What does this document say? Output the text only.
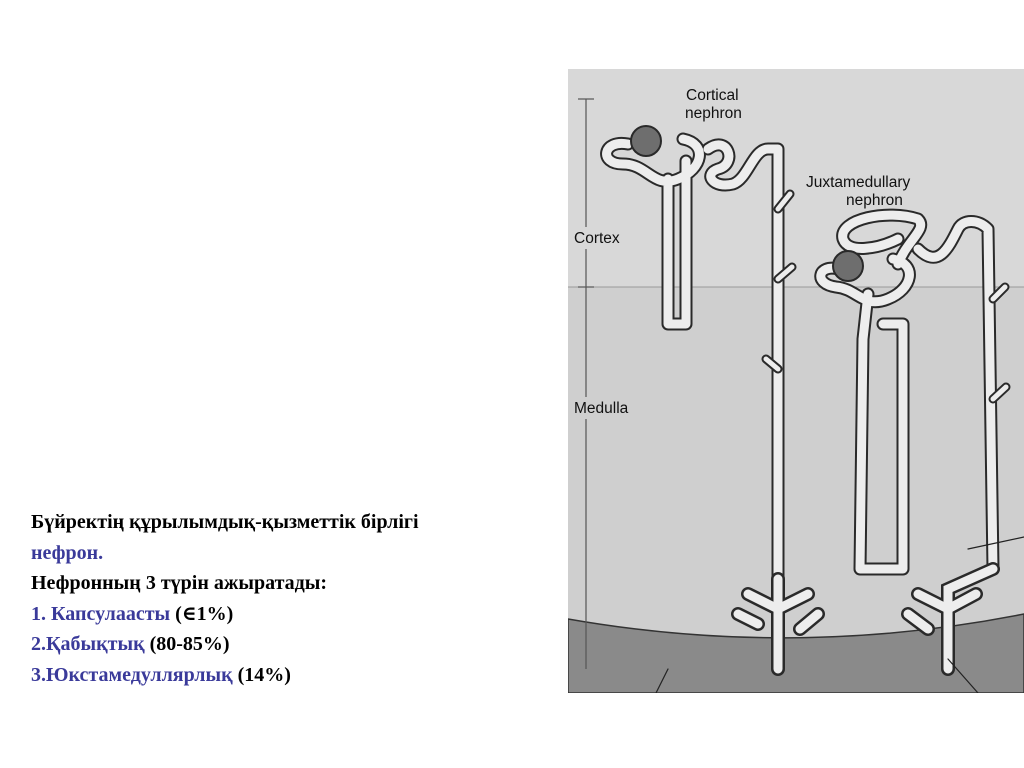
Бүйректің құрылымдық-қызметтік бірлігі
нефрон.
Нефронның 3 түрін ажыратады:
1. Капсулаасты (∈1%)
2.Қабықтық (80-85%)
3.Юкстамедуллярлық (14%)
Cortical
nephron
Juxtamedullary
nephron
Cortex
Medulla
